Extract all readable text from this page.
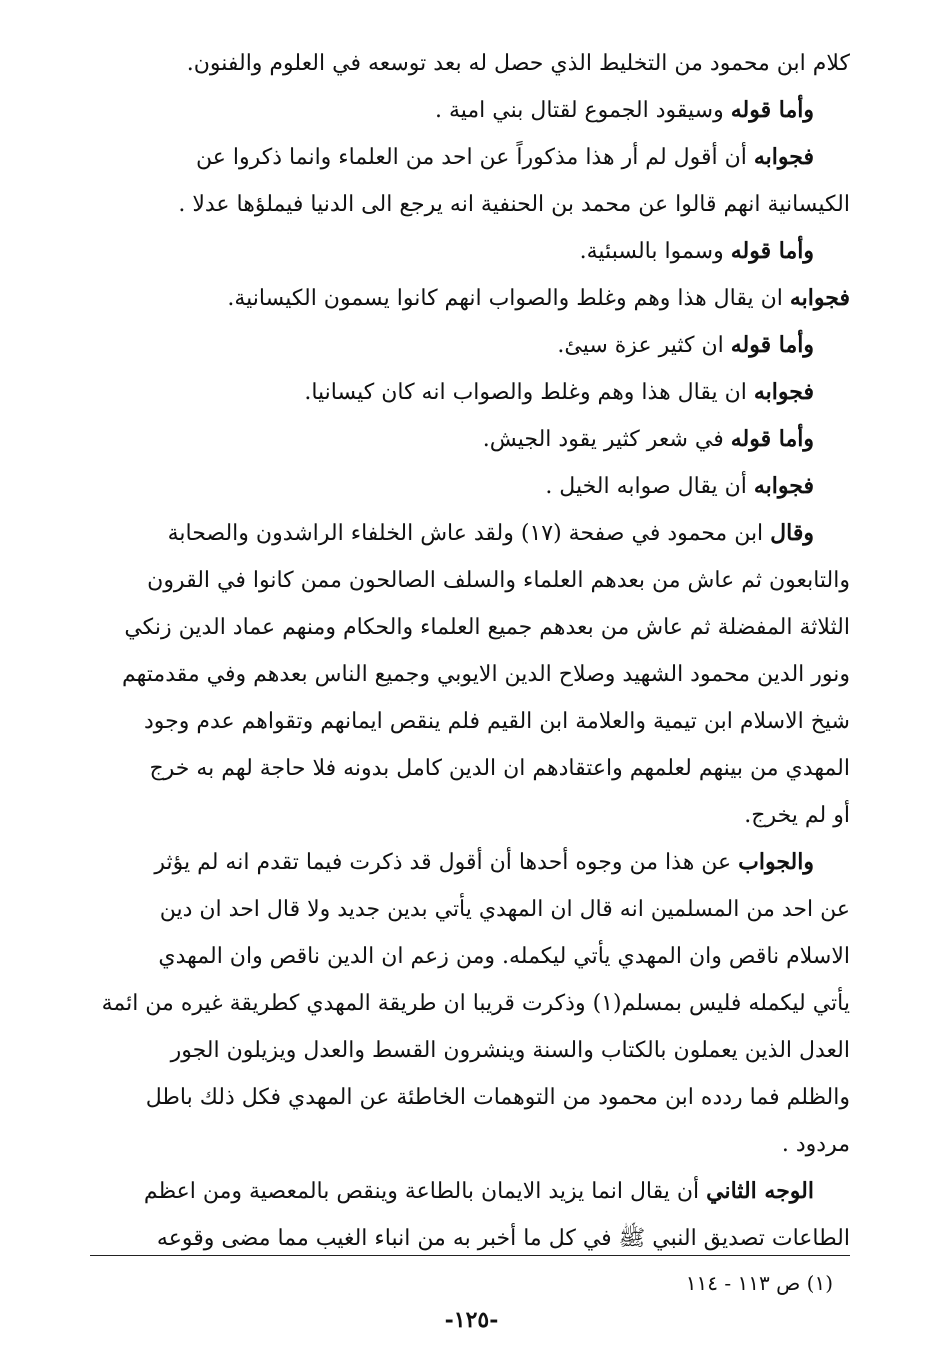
كلام ابن محمود من التخليط الذي حصل له بعد توسعه في العلوم والفنون.
وأما قوله وسيقود الجموع لقتال بني امية .
فجوابه أن أقول لم أر هذا مذكوراً عن احد من العلماء وانما ذكروا عن
الكيسانية انهم قالوا عن محمد بن الحنفية انه يرجع الى الدنيا فيملؤها عدلا .
وأما قوله وسموا بالسبئية.
فجوابه ان يقال هذا وهم وغلط والصواب انهم كانوا يسمون الكيسانية.
وأما قوله ان كثير عزة سيئ.
فجوابه ان يقال هذا وهم وغلط والصواب انه كان كيسانيا.
وأما قوله في شعر كثير يقود الجيش.
فجوابه أن يقال صوابه الخيل .
وقال ابن محمود في صفحة (١٧) ولقد عاش الخلفاء الراشدون والصحابة
والتابعون ثم عاش من بعدهم العلماء والسلف الصالحون ممن كانوا في القرون
الثلاثة المفضلة ثم عاش من بعدهم جميع العلماء والحكام ومنهم عماد الدين زنكي
ونور الدين محمود الشهيد وصلاح الدين الايوبي وجميع الناس بعدهم وفي مقدمتهم
شيخ الاسلام ابن تيمية والعلامة ابن القيم فلم ينقص ايمانهم وتقواهم عدم وجود
المهدي من بينهم لعلمهم واعتقادهم ان الدين كامل بدونه فلا حاجة لهم به خرج
أو لم يخرج.
والجواب عن هذا من وجوه أحدها أن أقول قد ذكرت فيما تقدم انه لم يؤثر
عن احد من المسلمين انه قال ان المهدي يأتي بدين جديد ولا قال احد ان دين
الاسلام ناقص وان المهدي يأتي ليكمله. ومن زعم ان الدين ناقص وان المهدي
يأتي ليكمله فليس بمسلم(١) وذكرت قريبا ان طريقة المهدي كطريقة غيره من ائمة
العدل الذين يعملون بالكتاب والسنة وينشرون القسط والعدل ويزيلون الجور
والظلم فما ردده ابن محمود من التوهمات الخاطئة عن المهدي فكل ذلك باطل
مردود .
الوجه الثاني أن يقال انما يزيد الايمان بالطاعة وينقص بالمعصية ومن اعظم
الطاعات تصديق النبي ﷺ في كل ما أخبر به من انباء الغيب مما مضى وقوعه
(١) ص ١١٣ - ١١٤
-١٢٥-
